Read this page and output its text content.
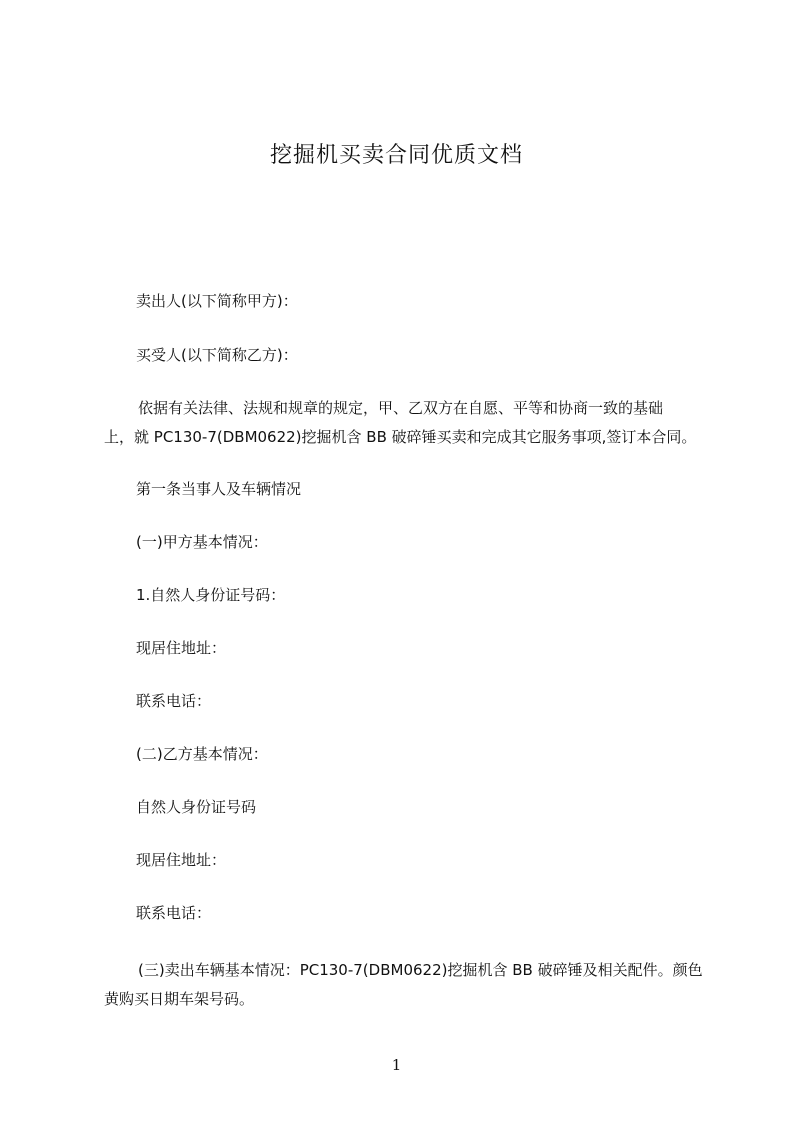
挖掘机买卖合同优质文档
卖出人(以下简称甲方)：
买受人(以下简称乙方)：
依据有关法律、法规和规章的规定，甲、乙双方在自愿、平等和协商一致的基础
上，就 PC130-7(DBM0622)挖掘机含 BB 破碎锤买卖和完成其它服务事项,签订本合同。
第一条当事人及车辆情况
(一)甲方基本情况：
1.自然人身份证号码：
现居住地址：
联系电话：
(二)乙方基本情况：
自然人身份证号码
现居住地址：
联系电话：
(三)卖出车辆基本情况：PC130-7(DBM0622)挖掘机含 BB 破碎锤及相关配件。颜色
黄购买日期车架号码。
1
